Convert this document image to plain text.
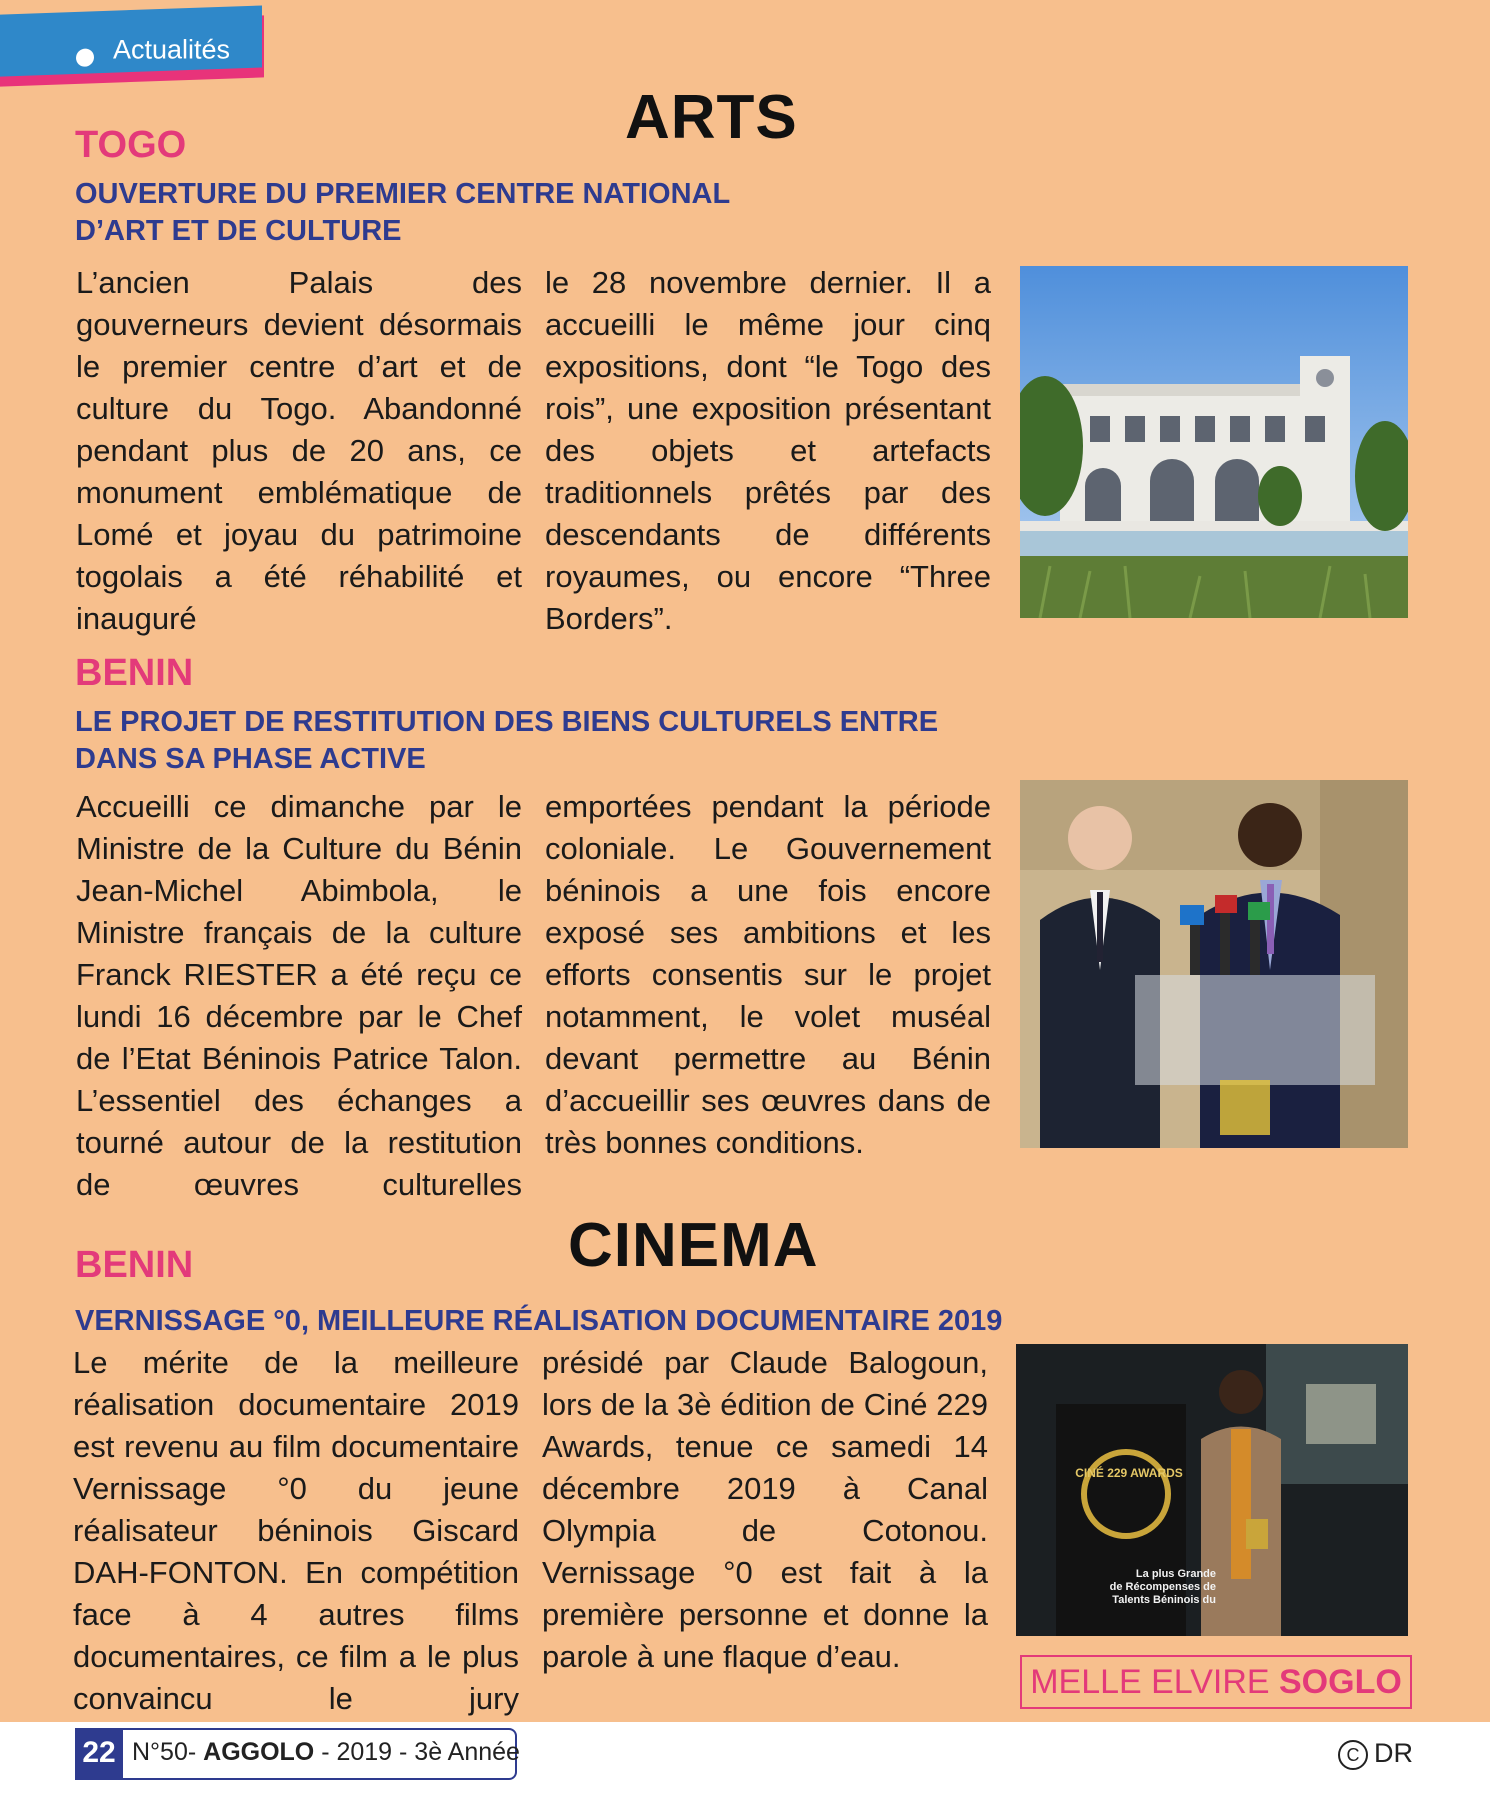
Actualités
ARTS
TOGO
OUVERTURE DU PREMIER CENTRE NATIONAL
D’ART ET DE CULTURE
L’ancien Palais des gouverneurs devient désormais le premier centre d’art et de culture du Togo. Abandonné pendant plus de 20 ans, ce monument emblématique de Lomé et joyau du patrimoine togolais a été réhabilité et inauguré
le 28 novembre dernier. Il a accueilli le même jour cinq expositions, dont “le Togo des rois”, une exposition présentant des objets et artefacts traditionnels prêtés par des descendants de différents royaumes, ou encore “Three Borders”.
BENIN
LE PROJET DE RESTITUTION DES BIENS CULTURELS ENTRE
DANS SA PHASE ACTIVE
Accueilli ce dimanche par le Ministre de la Culture du Bénin Jean-Michel Abimbola, le Ministre français de la culture Franck RIESTER a été reçu ce lundi 16 décembre par le Chef de l’Etat Béninois Patrice Talon. L’essentiel des échanges a tourné autour de la restitution de œuvres culturelles
emportées pendant la période coloniale. Le Gouvernement béninois a une fois encore exposé ses ambitions et les efforts consentis sur le projet notamment, le volet muséal devant permettre au Bénin d’accueillir ses œuvres dans de très bonnes conditions.
CINEMA
BENIN
VERNISSAGE °0, MEILLEURE RÉALISATION DOCUMENTAIRE 2019
Le mérite de la meilleure réalisation documentaire 2019 est revenu au film documentaire Vernissage °0 du jeune réalisateur béninois Giscard DAH-FONTON. En compétition face à 4 autres films documentaires, ce film a le plus convaincu le jury
présidé par Claude Balogoun, lors de la 3è édition de Ciné 229 Awards, tenue ce samedi 14 décembre 2019 à Canal Olympia de Cotonou. Vernissage °0 est fait à la première personne et donne la parole à une flaque d’eau.
CINÉ 229 AWARDS
La plus Grande
de Récompenses de
Talents Béninois du
MELLE ELVIRE SOGLO
22 N°50- AGGOLO - 2019 - 3è Année	C DR
